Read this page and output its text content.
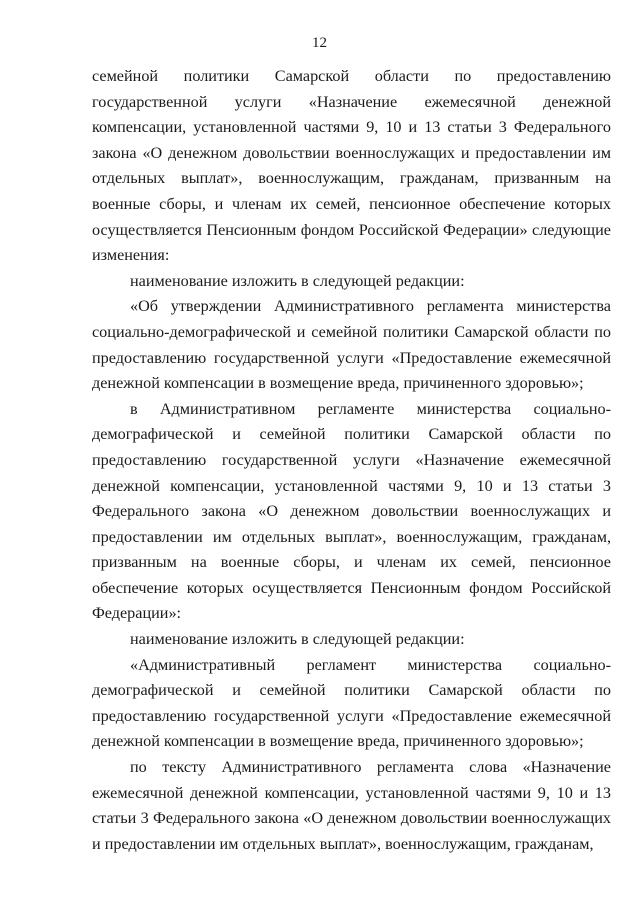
12

семейной политики Самарской области по предоставлению государственной услуги «Назначение ежемесячной денежной компенсации, установленной частями 9, 10 и 13 статьи 3 Федерального закона «О денежном довольствии военнослужащих и предоставлении им отдельных выплат», военнослужащим, гражданам, призванным на военные сборы, и членам их семей, пенсионное обеспечение которых осуществляется Пенсионным фондом Российской Федерации» следующие изменения:

наименование изложить в следующей редакции:

«Об утверждении Административного регламента министерства социально-демографической и семейной политики Самарской области по предоставлению государственной услуги «Предоставление ежемесячной денежной компенсации в возмещение вреда, причиненного здоровью»;

в Административном регламенте министерства социально-демографической и семейной политики Самарской области по предоставлению государственной услуги «Назначение ежемесячной денежной компенсации, установленной частями 9, 10 и 13 статьи 3 Федерального закона «О денежном довольствии военнослужащих и предоставлении им отдельных выплат», военнослужащим, гражданам, призванным на военные сборы, и членам их семей, пенсионное обеспечение которых осуществляется Пенсионным фондом Российской Федерации»:

наименование изложить в следующей редакции:

«Административный регламент министерства социально-демографической и семейной политики Самарской области по предоставлению государственной услуги «Предоставление ежемесячной денежной компенсации в возмещение вреда, причиненного здоровью»;

по тексту Административного регламента слова «Назначение ежемесячной денежной компенсации, установленной частями 9, 10 и 13 статьи 3 Федерального закона «О денежном довольствии военнослужащих и предоставлении им отдельных выплат», военнослужащим, гражданам,
